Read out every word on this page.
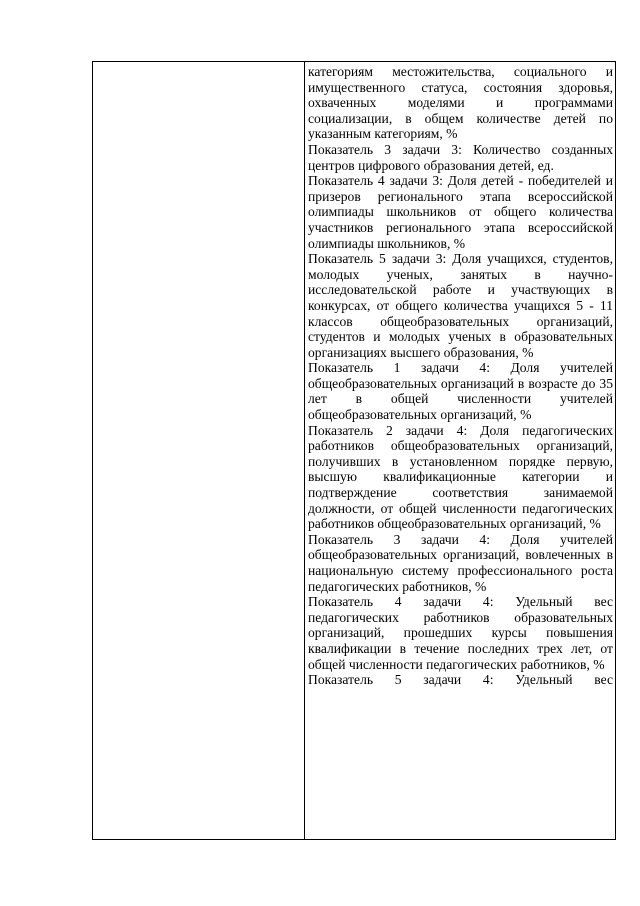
категориям местожительства, социального и имущественного статуса, состояния здоровья, охваченных моделями и программами социализации, в общем количестве детей по указанным категориям, %

Показатель 3 задачи 3: Количество созданных центров цифрового образования детей, ед.

Показатель 4 задачи 3: Доля детей - победителей и призеров регионального этапа всероссийской олимпиады школьников от общего количества участников регионального этапа всероссийской олимпиады школьников, %

Показатель 5 задачи 3: Доля учащихся, студентов, молодых ученых, занятых в научно-исследовательской работе и участвующих в конкурсах, от общего количества учащихся 5 - 11 классов общеобразовательных организаций, студентов и молодых ученых в образовательных организациях высшего образования, %

Показатель 1 задачи 4: Доля учителей общеобразовательных организаций в возрасте до 35 лет в общей численности учителей общеобразовательных организаций, %

Показатель 2 задачи 4: Доля педагогических работников общеобразовательных организаций, получивших в установленном порядке первую, высшую квалификационные категории и подтверждение соответствия занимаемой должности, от общей численности педагогических работников общеобразовательных организаций, %

Показатель 3 задачи 4: Доля учителей общеобразовательных организаций, вовлеченных в национальную систему профессионального роста педагогических работников, %

Показатель 4 задачи 4: Удельный вес педагогических работников образовательных организаций, прошедших курсы повышения квалификации в течение последних трех лет, от общей численности педагогических работников, %

Показатель 5 задачи 4: Удельный вес
